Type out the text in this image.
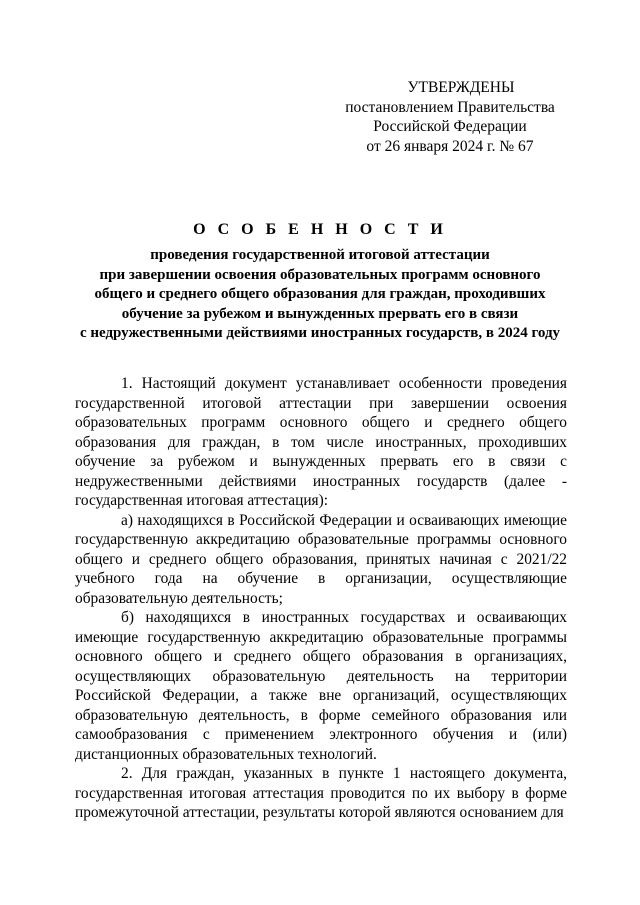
УТВЕРЖДЕНЫ
постановлением Правительства
Российской Федерации
от 26 января 2024 г. № 67
О С О Б Е Н Н О С Т И
проведения государственной итоговой аттестации
при завершении освоения образовательных программ основного
общего и среднего общего образования для граждан, проходивших
обучение за рубежом и вынужденных прервать его в связи
с недружественными действиями иностранных государств, в 2024 году

1. Настоящий документ устанавливает особенности проведения государственной итоговой аттестации при завершении освоения образовательных программ основного общего и среднего общего образования для граждан, в том числе иностранных, проходивших обучение за рубежом и вынужденных прервать его в связи с недружественными действиями иностранных государств (далее - государственная итоговая аттестация):

а) находящихся в Российской Федерации и осваивающих имеющие государственную аккредитацию образовательные программы основного общего и среднего общего образования, принятых начиная с 2021/22 учебного года на обучение в организации, осуществляющие образовательную деятельность;

б) находящихся в иностранных государствах и осваивающих имеющие государственную аккредитацию образовательные программы основного общего и среднего общего образования в организациях, осуществляющих образовательную деятельность на территории Российской Федерации, а также вне организаций, осуществляющих образовательную деятельность, в форме семейного образования или самообразования с применением электронного обучения и (или) дистанционных образовательных технологий.

2. Для граждан, указанных в пункте 1 настоящего документа, государственная итоговая аттестация проводится по их выбору в форме промежуточной аттестации, результаты которой являются основанием для
